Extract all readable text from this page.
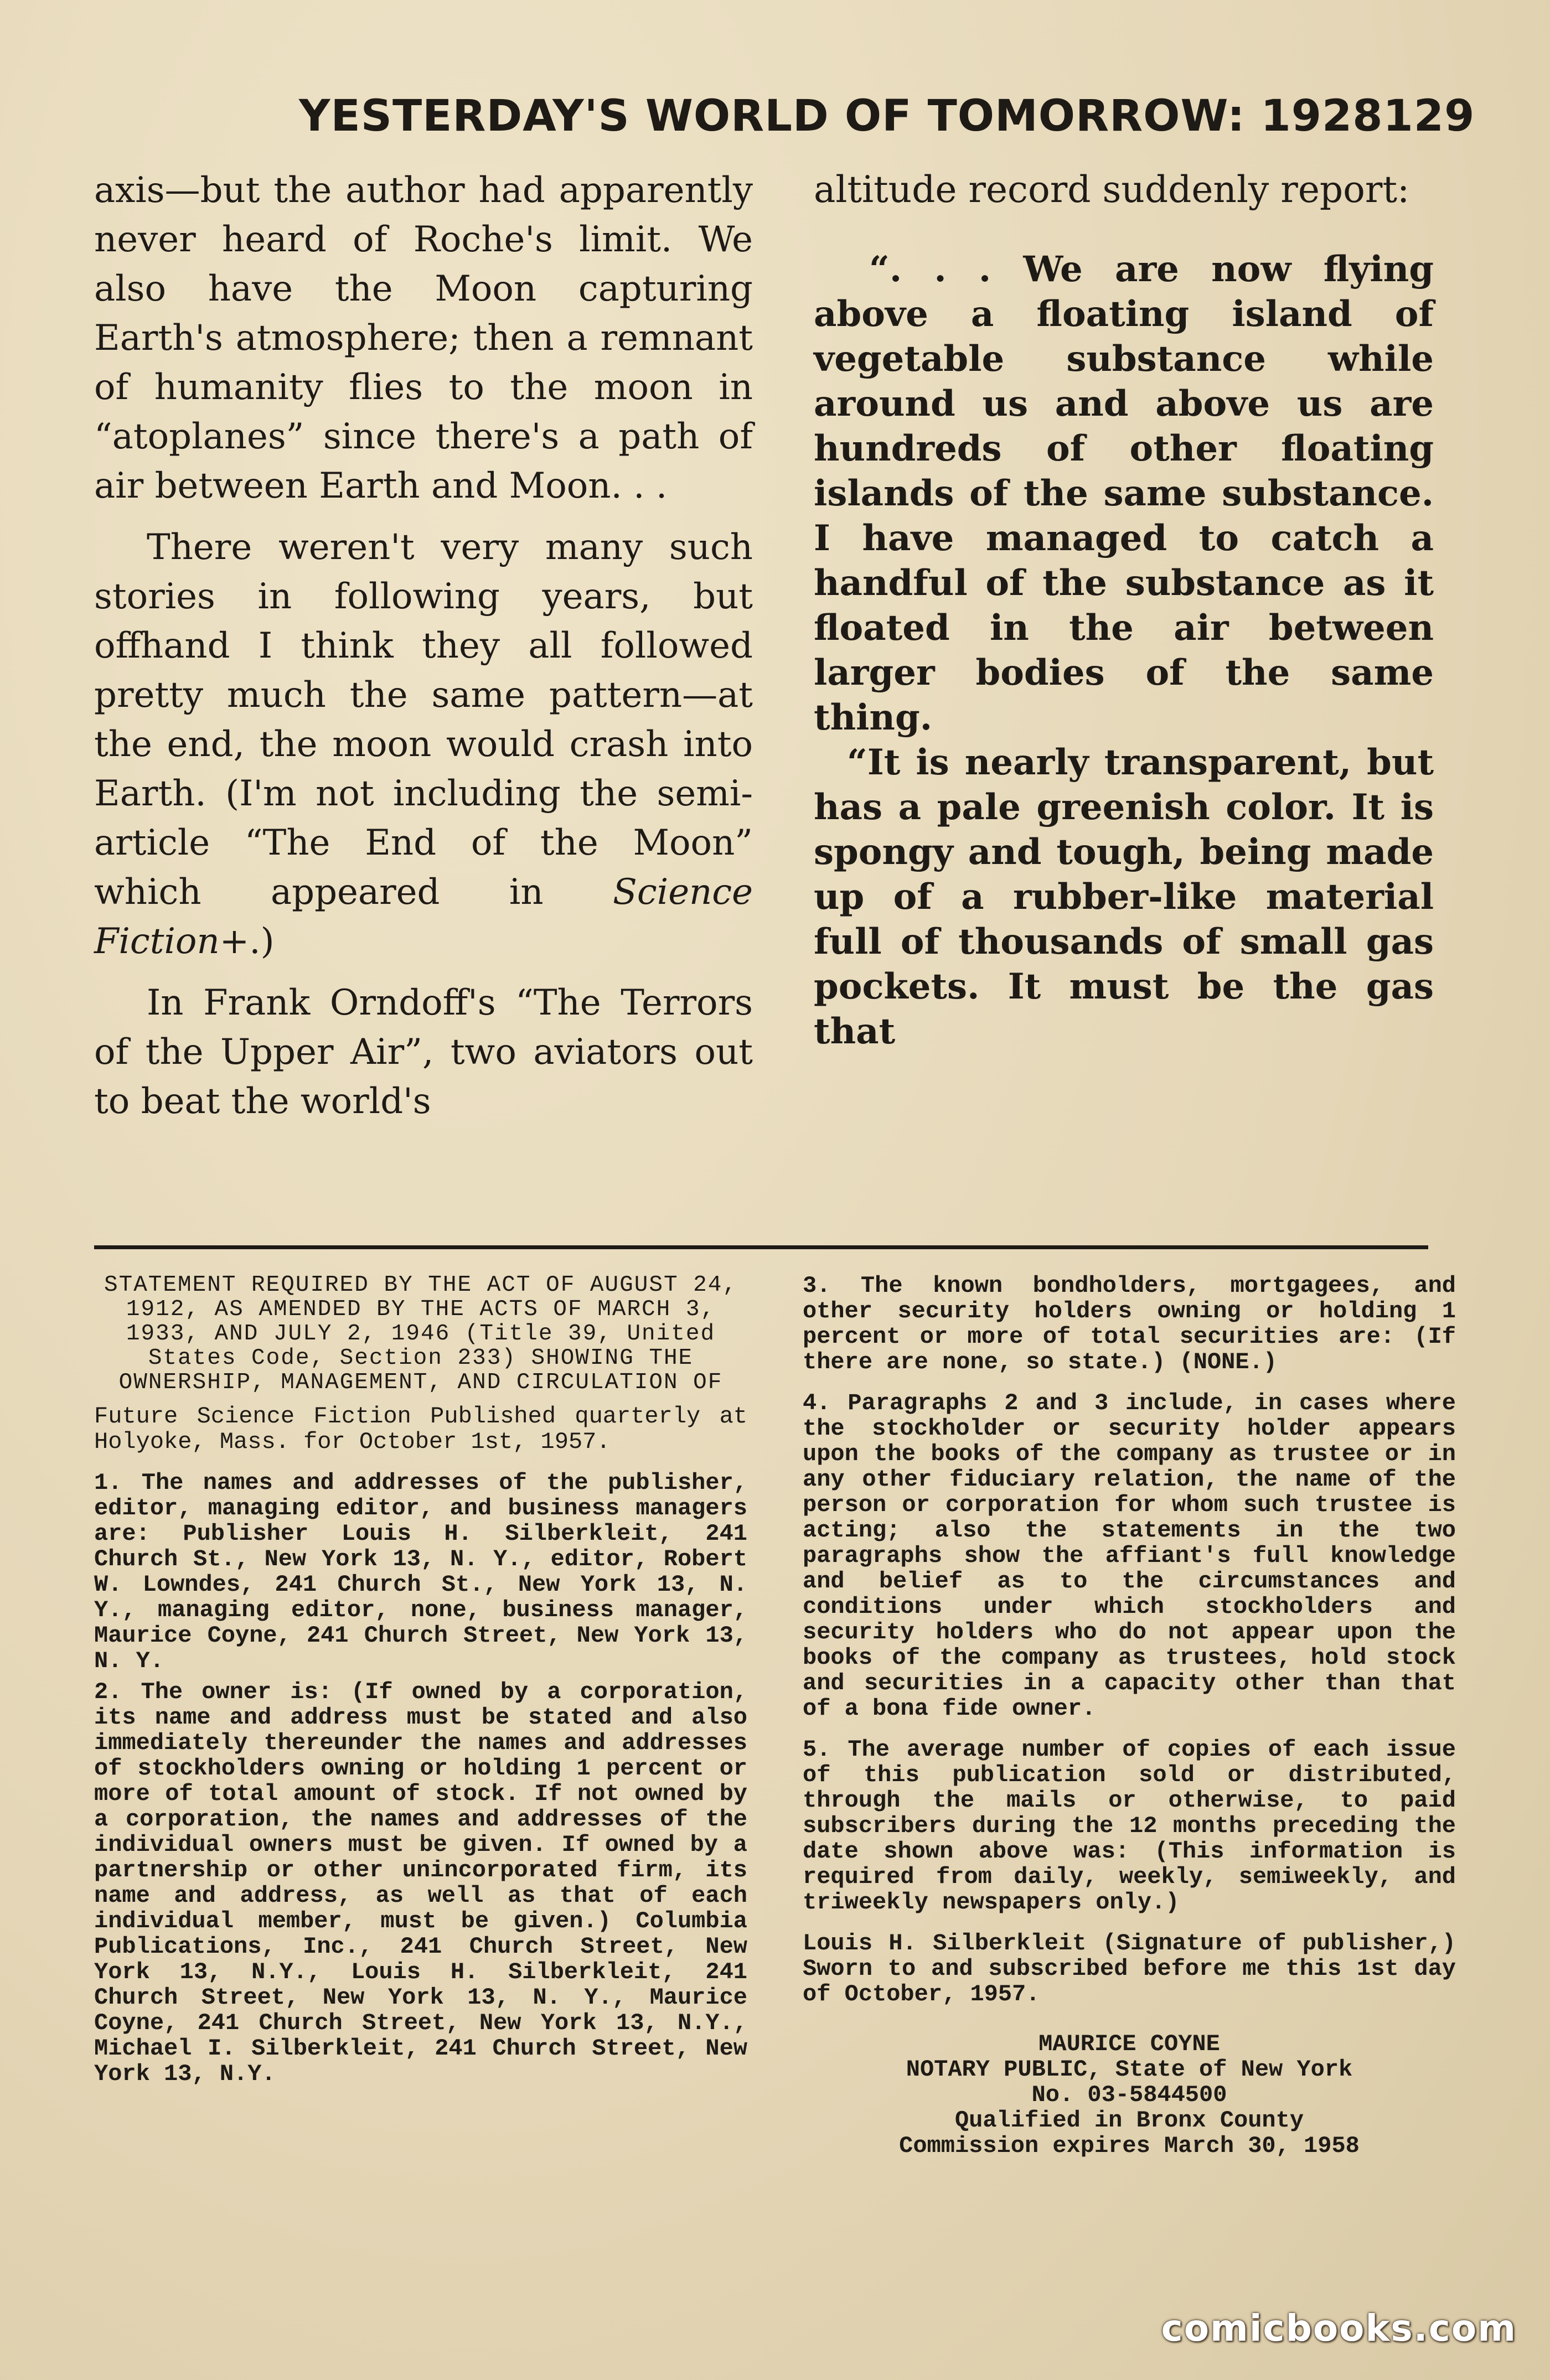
YESTERDAY'S WORLD OF TOMORROW: 1928 129

axis—but the author had apparently never heard of Roche's limit. We also have the Moon capturing Earth's atmosphere; then a remnant of humanity flies to the moon in “atoplanes” since there's a path of air between Earth and Moon. . .

There weren't very many such stories in following years, but offhand I think they all followed pretty much the same pattern—at the end, the moon would crash into Earth. (I'm not including the semi-article “The End of the Moon” which appeared in Science Fiction+.)

In Frank Orndoff's “The Terrors of the Upper Air”, two aviators out to beat the world's

altitude record suddenly report:

“. . . We are now flying above a floating island of vegetable substance while around us and above us are hundreds of other floating islands of the same substance. I have managed to catch a handful of the substance as it floated in the air between larger bodies of the same thing.

“It is nearly transparent, but has a pale greenish color. It is spongy and tough, being made up of a rubber-like material full of thousands of small gas pockets. It must be the gas that

STATEMENT REQUIRED BY THE ACT OF AUGUST 24, 1912, AS AMENDED BY THE ACTS OF MARCH 3, 1933, AND JULY 2, 1946 (Title 39, United States Code, Section 233) SHOWING THE OWNERSHIP, MANAGEMENT, AND CIRCULATION OF

Future Science Fiction Published quarterly at Holyoke, Mass. for October 1st, 1957.

1. The names and addresses of the publisher, editor, managing editor, and business managers are: Publisher Louis H. Silberkleit, 241 Church St., New York 13, N. Y., editor, Robert W. Lowndes, 241 Church St., New York 13, N. Y., managing editor, none, business manager, Maurice Coyne, 241 Church Street, New York 13, N. Y.

2. The owner is: (If owned by a corporation, its name and address must be stated and also immediately thereunder the names and addresses of stockholders owning or holding 1 percent or more of total amount of stock. If not owned by a corporation, the names and addresses of the individual owners must be given. If owned by a partnership or other unincorporated firm, its name and address, as well as that of each individual member, must be given.) Columbia Publications, Inc., 241 Church Street, New York 13, N.Y., Louis H. Silberkleit, 241 Church Street, New York 13, N. Y., Maurice Coyne, 241 Church Street, New York 13, N.Y., Michael I. Silberkleit, 241 Church Street, New York 13, N.Y.

3. The known bondholders, mortgagees, and other security holders owning or holding 1 percent or more of total securities are: (If there are none, so state.) (NONE.)

4. Paragraphs 2 and 3 include, in cases where the stockholder or security holder appears upon the books of the company as trustee or in any other fiduciary relation, the name of the person or corporation for whom such trustee is acting; also the statements in the two paragraphs show the affiant's full knowledge and belief as to the circumstances and conditions under which stockholders and security holders who do not appear upon the books of the company as trustees, hold stock and securities in a capacity other than that of a bona fide owner.

5. The average number of copies of each issue of this publication sold or distributed, through the mails or otherwise, to paid subscribers during the 12 months preceding the date shown above was: (This information is required from daily, weekly, semiweekly, and triweekly newspapers only.)

Louis H. Silberkleit (Signature of publisher,) Sworn to and subscribed before me this 1st day of October, 1957.

MAURICE COYNE
NOTARY PUBLIC, State of New York
No. 03-5844500
Qualified in Bronx County
Commission expires March 30, 1958

comicbooks.com
